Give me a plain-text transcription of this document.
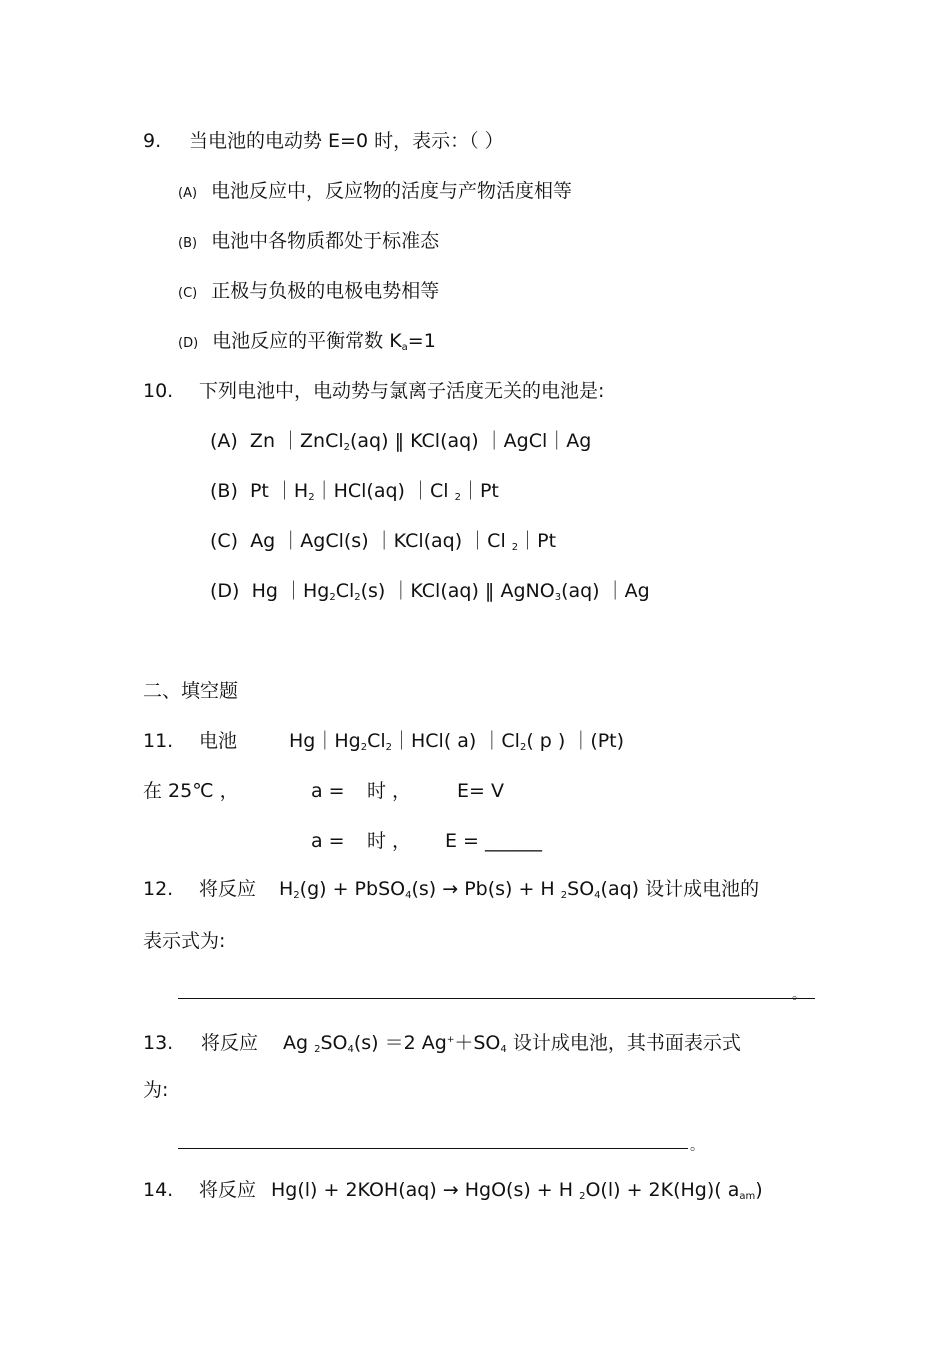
9. 当电池的电动势 E=0 时，表示：（ ）
(A) 电池反应中，反应物的活度与产物活度相等
(B) 电池中各物质都处于标准态
(C) 正极与负极的电极电势相等
(D) 电池反应的平衡常数 $K_a=1$
10. 下列电池中，电动势与氯离子活度无关的电池是:
(A) Zn ｜ZnCl$_2$(aq) ‖ KCl(aq) ｜AgCl｜Ag
(B) Pt $|H_2|HCl(aq)$ ｜Cl $_2$｜Pt
(C) Ag ｜AgCl(s) ｜KCl(aq) ｜Cl $_2$｜Pt
(D) Hg $|Hg_2Cl_2(s)$ ｜KCl(aq) ‖ AgNO$_3$(aq) ｜Ag
二、填空题
11. 电池	$Hg|Hg_2Cl_2|HCl$( a) $|Cl_2$( p ) ｜(Pt)
在 25℃ ，	a = 时 ， E= V
a = 时 ， E = ______
12. 将反应 $H_2(g)$ + PbSO$_4$(s) → Pb(s) + H $_2SO_4(aq)$ 设计成电池的
表示式为:
。
13. 将反应 Ag $_2SO_4(s) =2$ $Ag^++SO_4$ 设计成电池，其书面表示式
为:
。
14. 将反应 Hg(l) + 2KOH(aq) → HgO(s) + H $_2$O(l) + 2K(Hg)( $a_{am}$)
